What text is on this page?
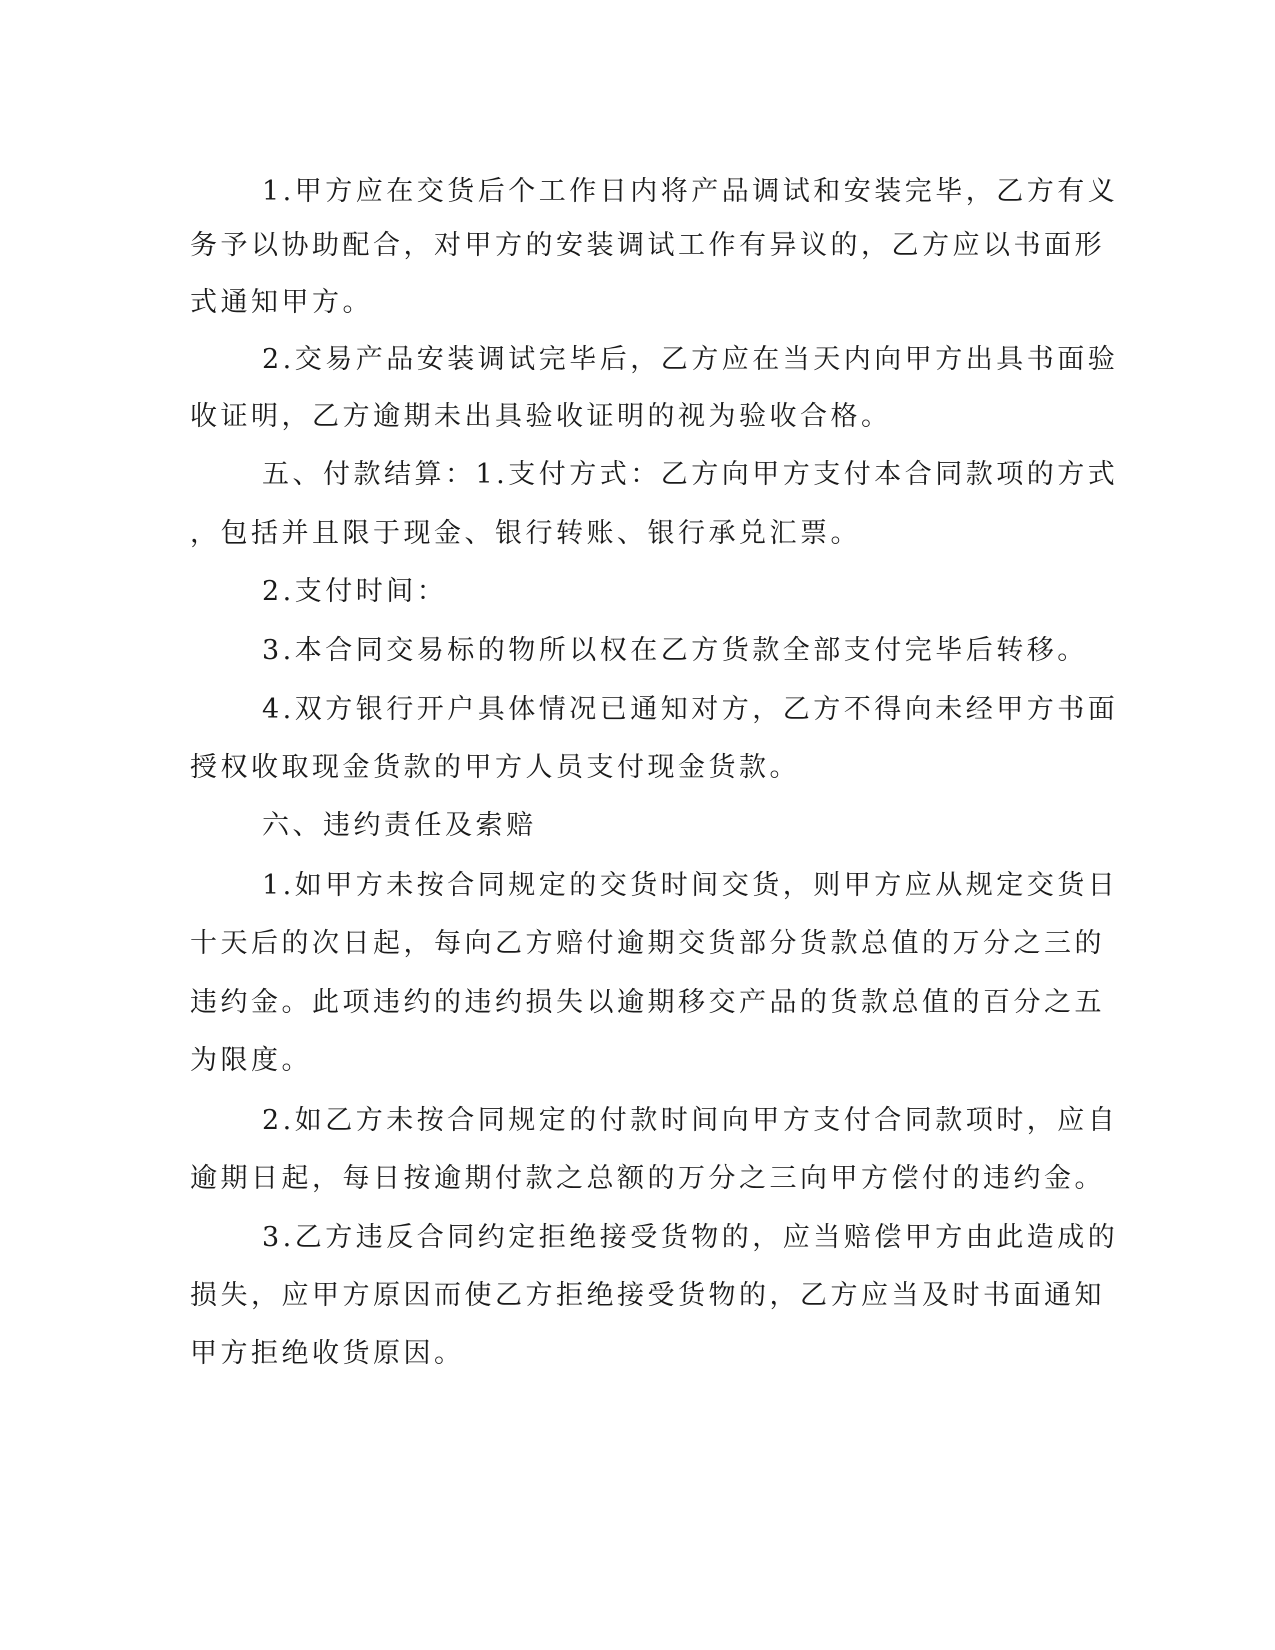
1.甲方应在交货后个工作日内将产品调试和安装完毕，乙方有义
务予以协助配合，对甲方的安装调试工作有异议的，乙方应以书面形
式通知甲方。
2.交易产品安装调试完毕后，乙方应在当天内向甲方出具书面验
收证明，乙方逾期未出具验收证明的视为验收合格。
五、付款结算：1.支付方式：乙方向甲方支付本合同款项的方式
，包括并且限于现金、银行转账、银行承兑汇票。
2.支付时间：
3.本合同交易标的物所以权在乙方货款全部支付完毕后转移。
4.双方银行开户具体情况已通知对方，乙方不得向未经甲方书面
授权收取现金货款的甲方人员支付现金货款。
六、违约责任及索赔
1.如甲方未按合同规定的交货时间交货，则甲方应从规定交货日
十天后的次日起，每向乙方赔付逾期交货部分货款总值的万分之三的
违约金。此项违约的违约损失以逾期移交产品的货款总值的百分之五
为限度。
2.如乙方未按合同规定的付款时间向甲方支付合同款项时，应自
逾期日起，每日按逾期付款之总额的万分之三向甲方偿付的违约金。
3.乙方违反合同约定拒绝接受货物的，应当赔偿甲方由此造成的
损失，应甲方原因而使乙方拒绝接受货物的，乙方应当及时书面通知
甲方拒绝收货原因。
